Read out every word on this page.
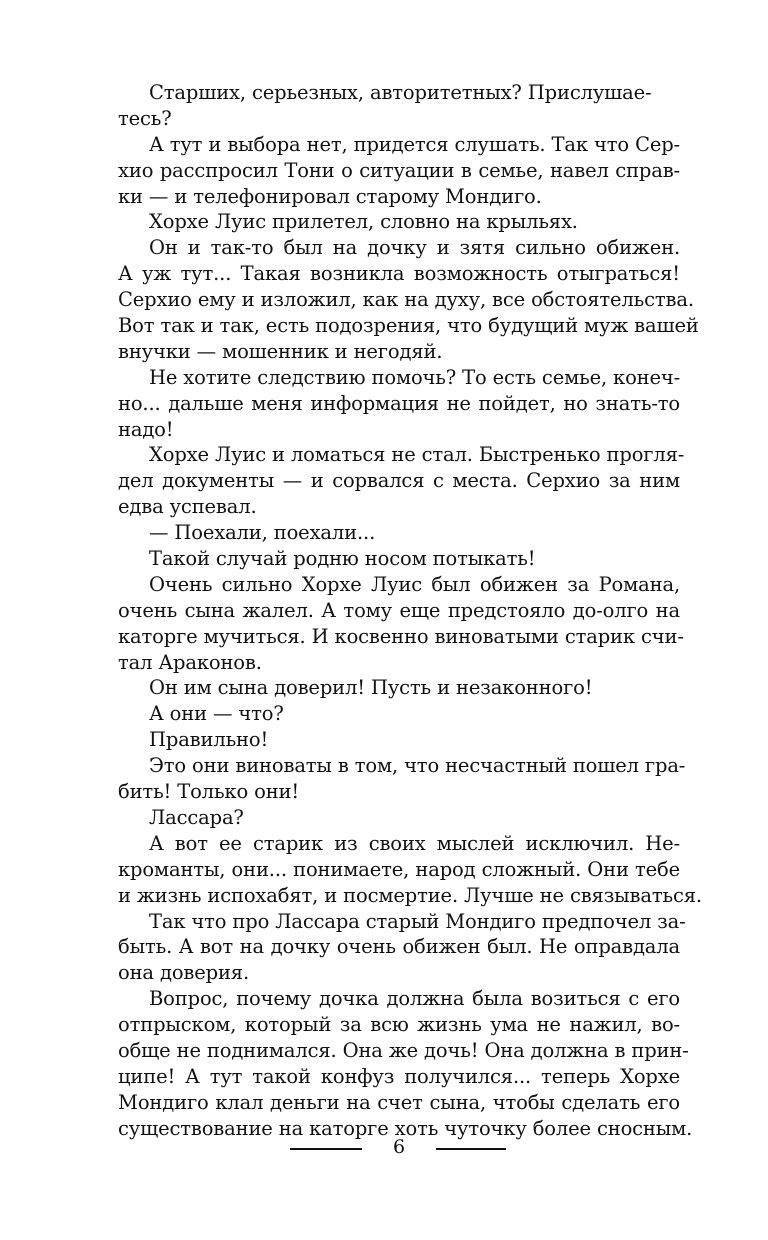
Старших, серьезных, авторитетных? Прислушае-
тесь?
А тут и выбора нет, придется слушать. Так что Сер-
хио расспросил Тони о ситуации в семье, навел справ-
ки — и телефонировал старому Мондиго.
Хорхе Луис прилетел, словно на крыльях.
Он и так-то был на дочку и зятя сильно обижен.
А уж тут... Такая возникла возможность отыграться!
Серхио ему и изложил, как на духу, все обстоятельства.
Вот так и так, есть подозрения, что будущий муж вашей
внучки — мошенник и негодяй.
Не хотите следствию помочь? То есть семье, конеч-
но... дальше меня информация не пойдет, но знать-то
надо!
Хорхе Луис и ломаться не стал. Быстренько прогля-
дел документы — и сорвался с места. Серхио за ним
едва успевал.
— Поехали, поехали...
Такой случай родню носом потыкать!
Очень сильно Хорхе Луис был обижен за Романа,
очень сына жалел. А тому еще предстояло до-олго на
каторге мучиться. И косвенно виноватыми старик счи-
тал Араконов.
Он им сына доверил! Пусть и незаконного!
А они — что?
Правильно!
Это они виноваты в том, что несчастный пошел гра-
бить! Только они!
Лассара?
А вот ее старик из своих мыслей исключил. Не-
кроманты, они... понимаете, народ сложный. Они тебе
и жизнь испохабят, и посмертие. Лучше не связываться.
Так что про Лассара старый Мондиго предпочел за-
быть. А вот на дочку очень обижен был. Не оправдала
она доверия.
Вопрос, почему дочка должна была возиться с его
отпрыском, который за всю жизнь ума не нажил, во-
обще не поднимался. Она же дочь! Она должна в прин-
ципе! А тут такой конфуз получился... теперь Хорхе
Мондиго клал деньги на счет сына, чтобы сделать его
существование на каторге хоть чуточку более сносным.
6
